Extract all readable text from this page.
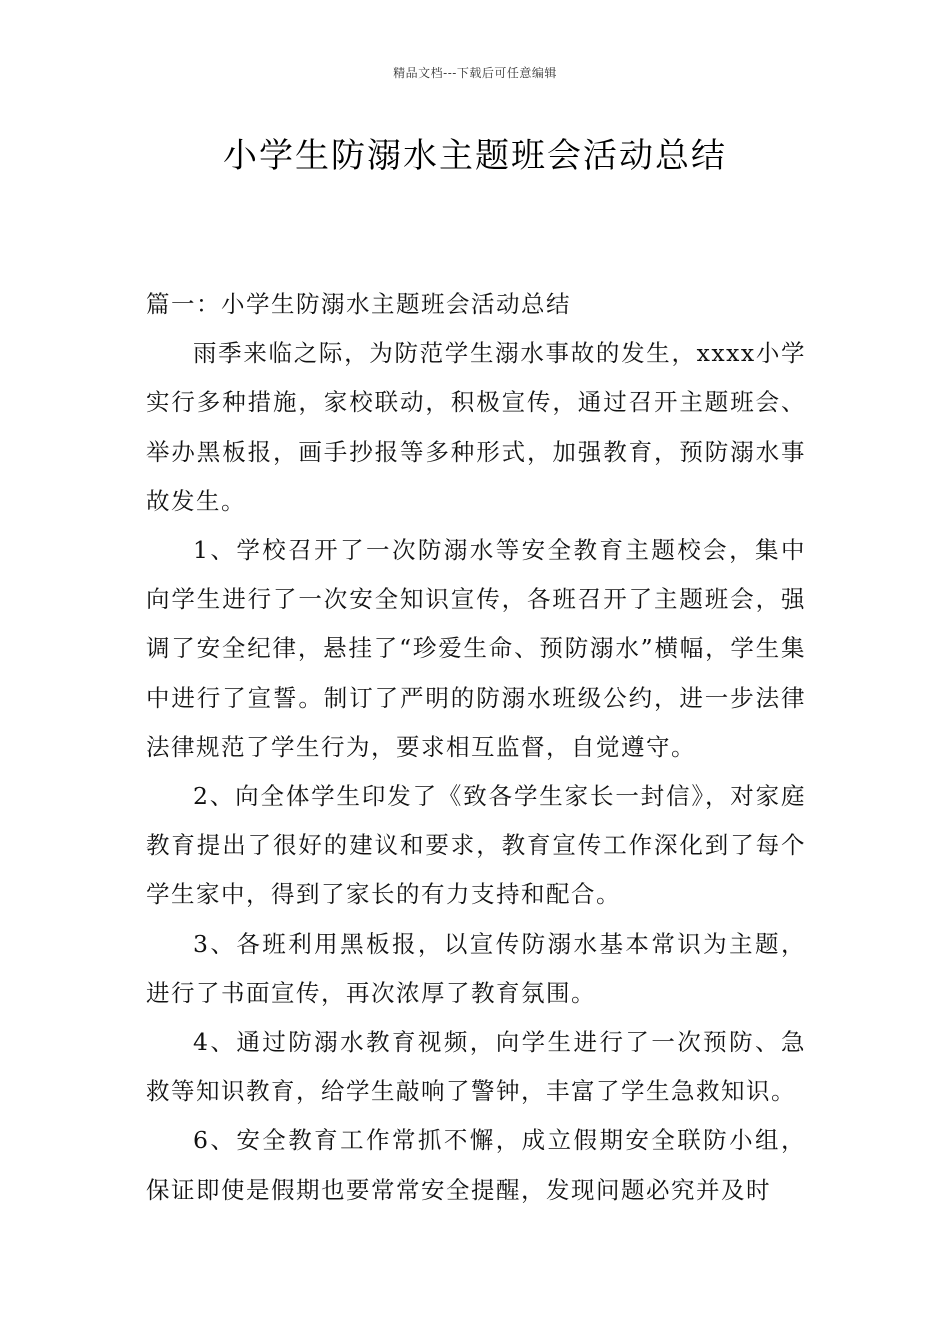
精品文档---下载后可任意编辑
小学生防溺水主题班会活动总结
篇一：小学生防溺水主题班会活动总结

雨季来临之际，为防范学生溺水事故的发生，xxxx小学实行多种措施，家校联动，积极宣传，通过召开主题班会、举办黑板报，画手抄报等多种形式，加强教育，预防溺水事故发生。

1、学校召开了一次防溺水等安全教育主题校会，集中向学生进行了一次安全知识宣传，各班召开了主题班会，强调了安全纪律，悬挂了“珍爱生命、预防溺水”横幅，学生集中进行了宣誓。制订了严明的防溺水班级公约，进一步法律法律规范了学生行为，要求相互监督，自觉遵守。

2、向全体学生印发了《致各学生家长一封信》，对家庭教育提出了很好的建议和要求，教育宣传工作深化到了每个学生家中，得到了家长的有力支持和配合。

3、各班利用黑板报，以宣传防溺水基本常识为主题，进行了书面宣传，再次浓厚了教育氛围。

4、通过防溺水教育视频，向学生进行了一次预防、急救等知识教育，给学生敲响了警钟，丰富了学生急救知识。

6、安全教育工作常抓不懈，成立假期安全联防小组，保证即使是假期也要常常安全提醒，发现问题必究并及时
